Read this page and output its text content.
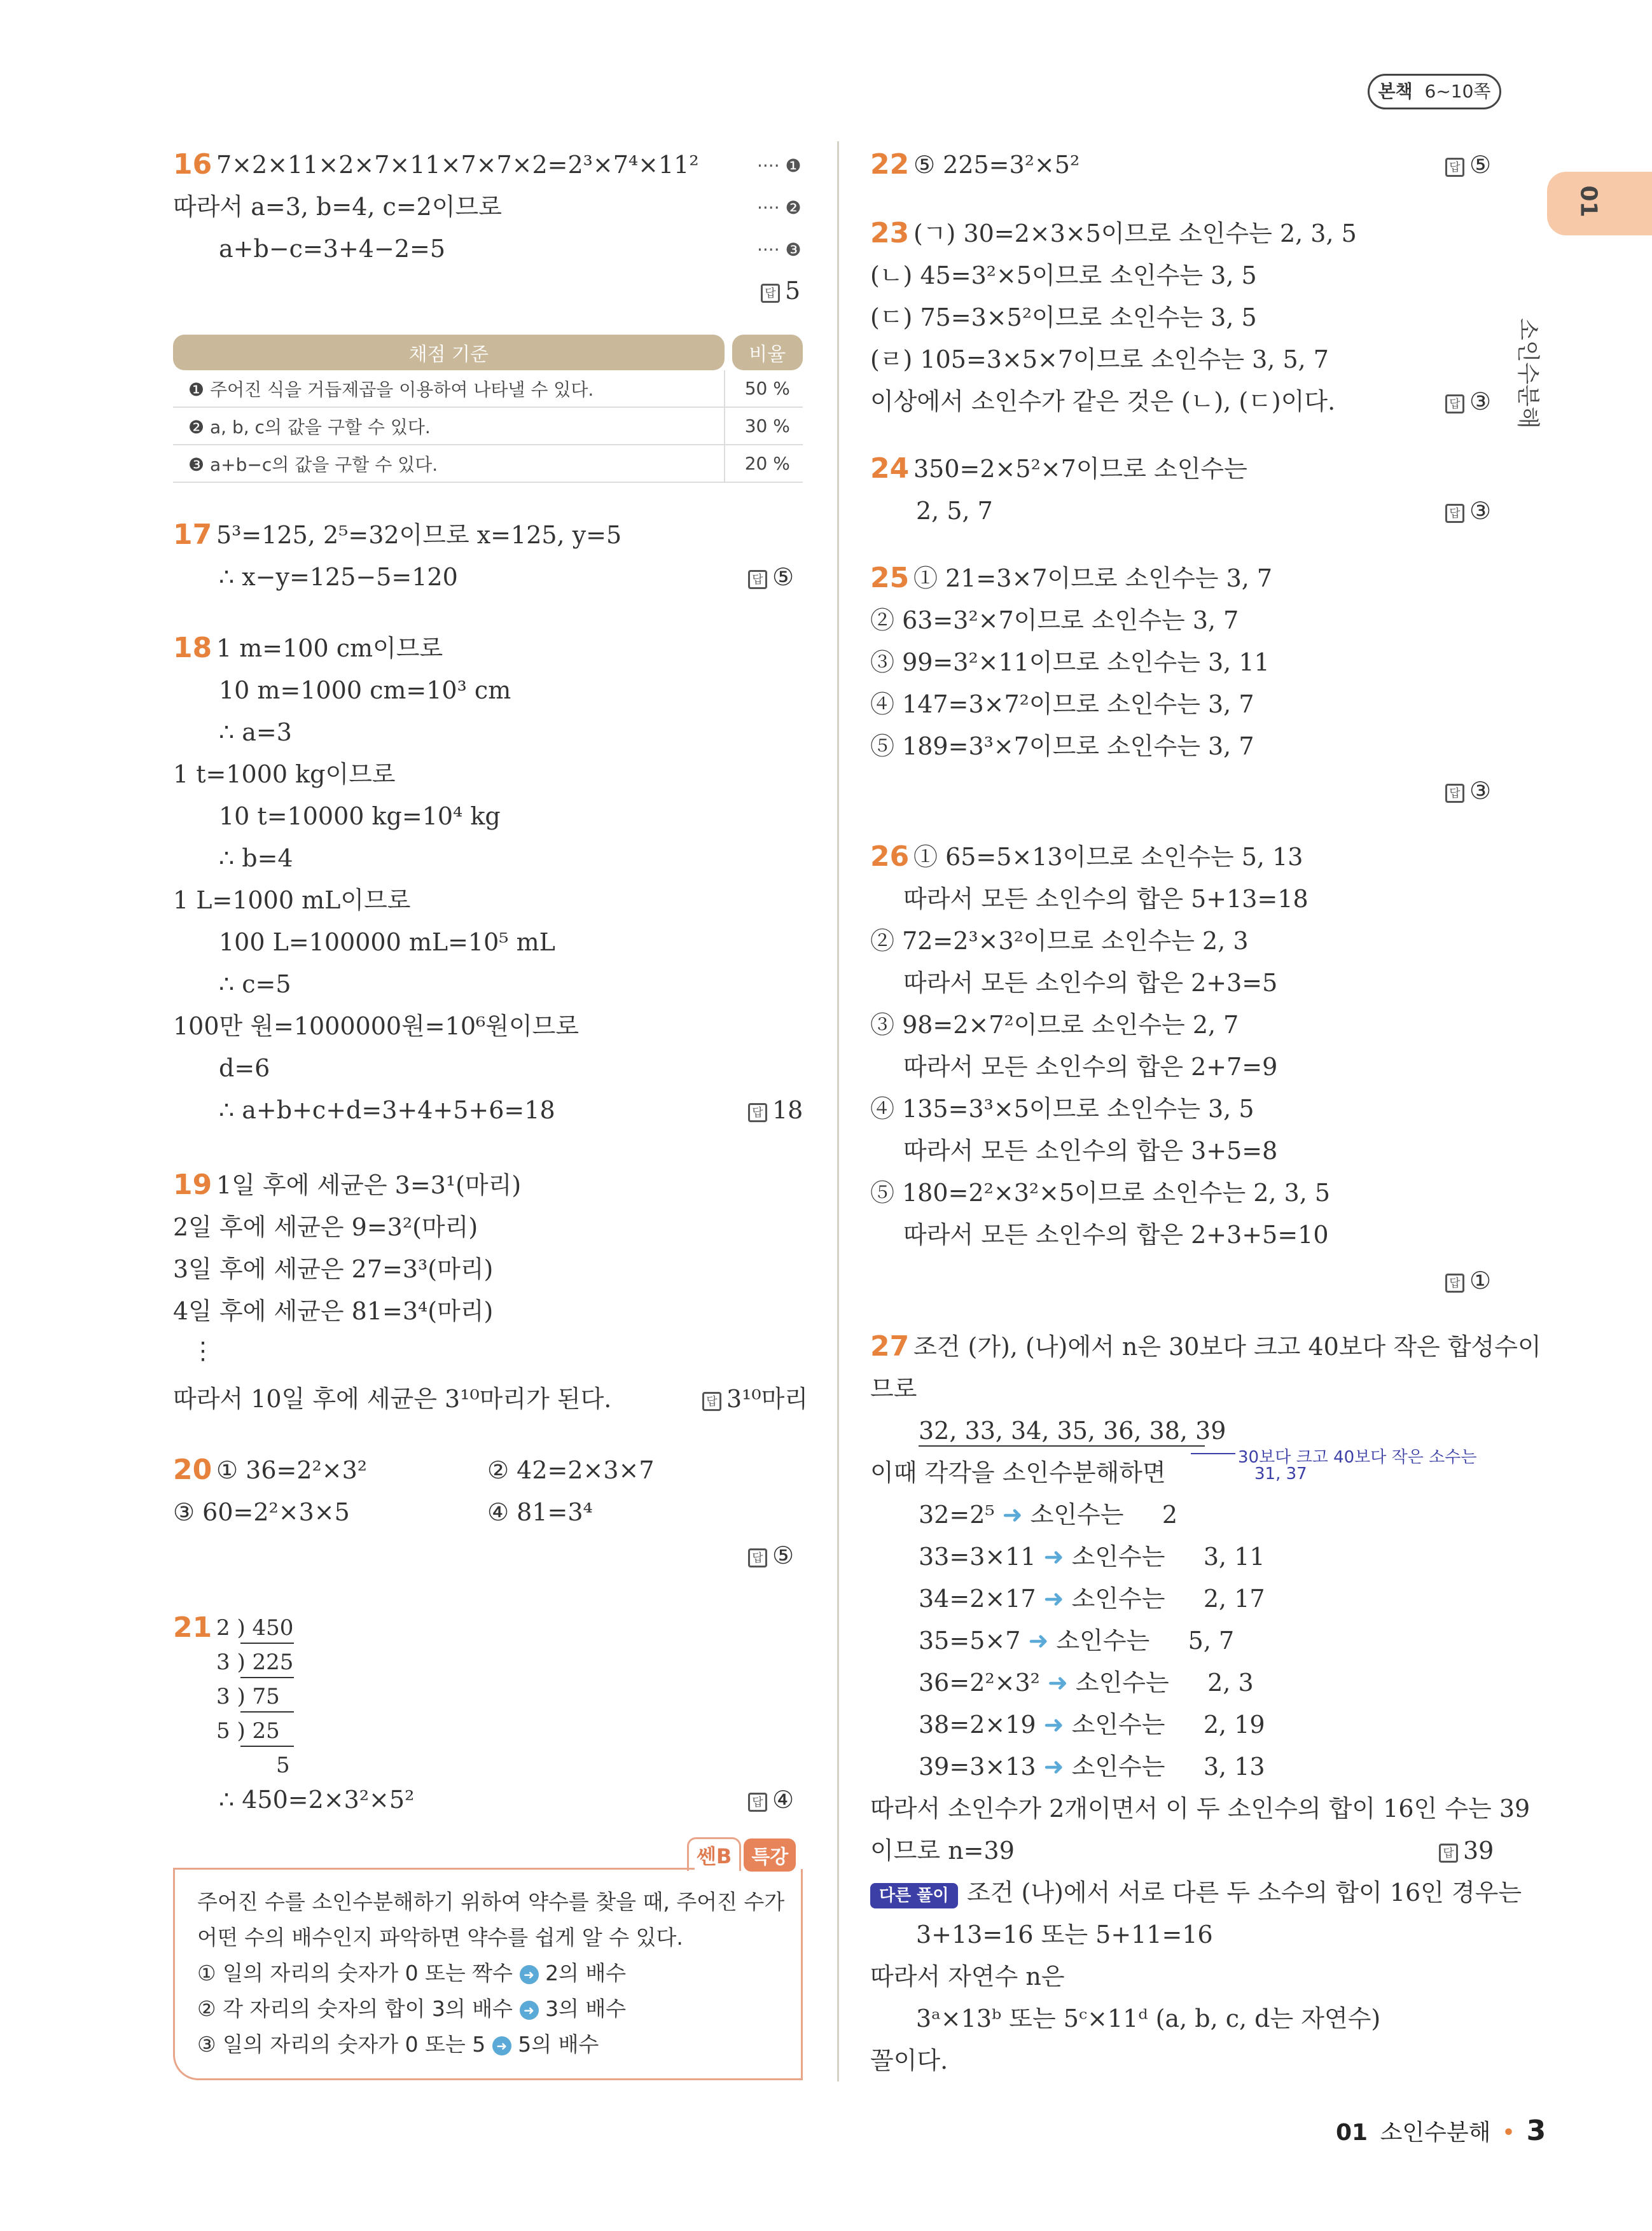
본책 6~10쪽
01
소인수분해
16 7×2×11×2×7×11×7×7×2=2³×7⁴×11²	···· ❶
따라서 a=3, b=4, c=2이므로	···· ❷
a+b−c=3+4−2=5	···· ❸
답 5
채점 기준		비율
❶ 주어진 식을 거듭제곱을 이용하여 나타낼 수 있다.		50 %
❷ a, b, c의 값을 구할 수 있다.		30 %
❸ a+b−c의 값을 구할 수 있다.		20 %
17 5³=125, 2⁵=32이므로 x=125, y=5
∴ x−y=125−5=120	답 ⑤
18 1 m=100 cm이므로
10 m=1000 cm=10³ cm
∴ a=3
1 t=1000 kg이므로
10 t=10000 kg=10⁴ kg
∴ b=4
1 L=1000 mL이므로
100 L=100000 mL=10⁵ mL
∴ c=5
100만 원=1000000원=10⁶원이므로
d=6
∴ a+b+c+d=3+4+5+6=18	답 18
19 1일 후에 세균은 3=3¹(마리)
2일 후에 세균은 9=3²(마리)
3일 후에 세균은 27=3³(마리)
4일 후에 세균은 81=3⁴(마리)
⋮
따라서 10일 후에 세균은 3¹⁰마리가 된다.	답 3¹⁰마리
20 ① 36=2²×3²	② 42=2×3×7
③ 60=2²×3×5	④ 81=3⁴
답 ⑤
21 2 ) 450
3 ) 225
3 ) 75
5 ) 25
5
∴ 450=2×3²×5²	답 ④
쎈B 특강
주어진 수를 소인수분해하기 위하여 약수를 찾을 때, 주어진 수가
어떤 수의 배수인지 파악하면 약수를 쉽게 알 수 있다.
① 일의 자리의 숫자가 0 또는 짝수 ➜ 2의 배수
② 각 자리의 숫자의 합이 3의 배수 ➜ 3의 배수
③ 일의 자리의 숫자가 0 또는 5 ➜ 5의 배수
22 ⑤ 225=3²×5²	답 ⑤
23 (ㄱ) 30=2×3×5이므로 소인수는 2, 3, 5
(ㄴ) 45=3²×5이므로 소인수는 3, 5
(ㄷ) 75=3×5²이므로 소인수는 3, 5
(ㄹ) 105=3×5×7이므로 소인수는 3, 5, 7
이상에서 소인수가 같은 것은 (ㄴ), (ㄷ)이다.	답 ③
24 350=2×5²×7이므로 소인수는
2, 5, 7	답 ③
25 ① 21=3×7이므로 소인수는 3, 7
② 63=3²×7이므로 소인수는 3, 7
③ 99=3²×11이므로 소인수는 3, 11
④ 147=3×7²이므로 소인수는 3, 7
⑤ 189=3³×7이므로 소인수는 3, 7
답 ③
26 ① 65=5×13이므로 소인수는 5, 13
따라서 모든 소인수의 합은 5+13=18
② 72=2³×3²이므로 소인수는 2, 3
따라서 모든 소인수의 합은 2+3=5
③ 98=2×7²이므로 소인수는 2, 7
따라서 모든 소인수의 합은 2+7=9
④ 135=3³×5이므로 소인수는 3, 5
따라서 모든 소인수의 합은 3+5=8
⑤ 180=2²×3²×5이므로 소인수는 2, 3, 5
따라서 모든 소인수의 합은 2+3+5=10
답 ①
27 조건 (가), (나)에서 n은 30보다 크고 40보다 작은 합성수이
므로
32, 33, 34, 35, 36, 38, 39
30보다 크고 40보다 작은 소수는
31, 37
이때 각각을 소인수분해하면
32=2⁵ ➜ 소인수는 2
33=3×11 ➜ 소인수는 3, 11
34=2×17 ➜ 소인수는 2, 17
35=5×7 ➜ 소인수는 5, 7
36=2²×3² ➜ 소인수는 2, 3
38=2×19 ➜ 소인수는 2, 19
39=3×13 ➜ 소인수는 3, 13
따라서 소인수가 2개이면서 이 두 소인수의 합이 16인 수는 39
이므로 n=39	답 39
다른 풀이 조건 (나)에서 서로 다른 두 소수의 합이 16인 경우는
3+13=16 또는 5+11=16
따라서 자연수 n은
3ᵃ×13ᵇ 또는 5ᶜ×11ᵈ (a, b, c, d는 자연수)
꼴이다.
01 소인수분해 • 3
